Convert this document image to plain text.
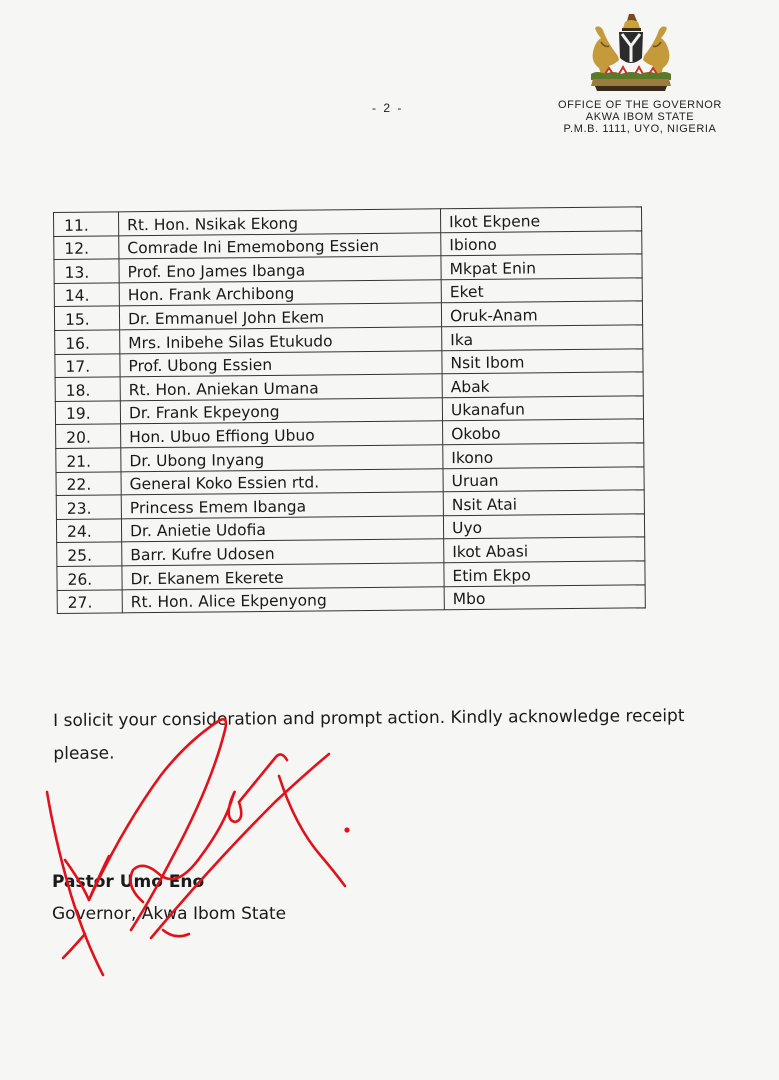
- 2 -	OFFICE OF THE GOVERNOR
AKWA IBOM STATE
P.M.B. 1111, UYO, NIGERIA
11.	Rt. Hon. Nsikak Ekong	Ikot Ekpene
12.	Comrade Ini Ememobong Essien	Ibiono
13.	Prof. Eno James Ibanga	Mkpat Enin
14.	Hon. Frank Archibong	Eket
15.	Dr. Emmanuel John Ekem	Oruk-Anam
16.	Mrs. Inibehe Silas Etukudo	Ika
17.	Prof. Ubong Essien	Nsit Ibom
18.	Rt. Hon. Aniekan Umana	Abak
19.	Dr. Frank Ekpeyong	Ukanafun
20.	Hon. Ubuo Effiong Ubuo	Okobo
21.	Dr. Ubong Inyang	Ikono
22.	General Koko Essien rtd.	Uruan
23.	Princess Emem Ibanga	Nsit Atai
24.	Dr. Anietie Udofia	Uyo
25.	Barr. Kufre Udosen	Ikot Abasi
26.	Dr. Ekanem Ekerete	Etim Ekpo
27.	Rt. Hon. Alice Ekpenyong	Mbo
I solicit your consideration and prompt action. Kindly acknowledge receipt
please.
Pastor Umo Eno
Governor, Akwa Ibom State
